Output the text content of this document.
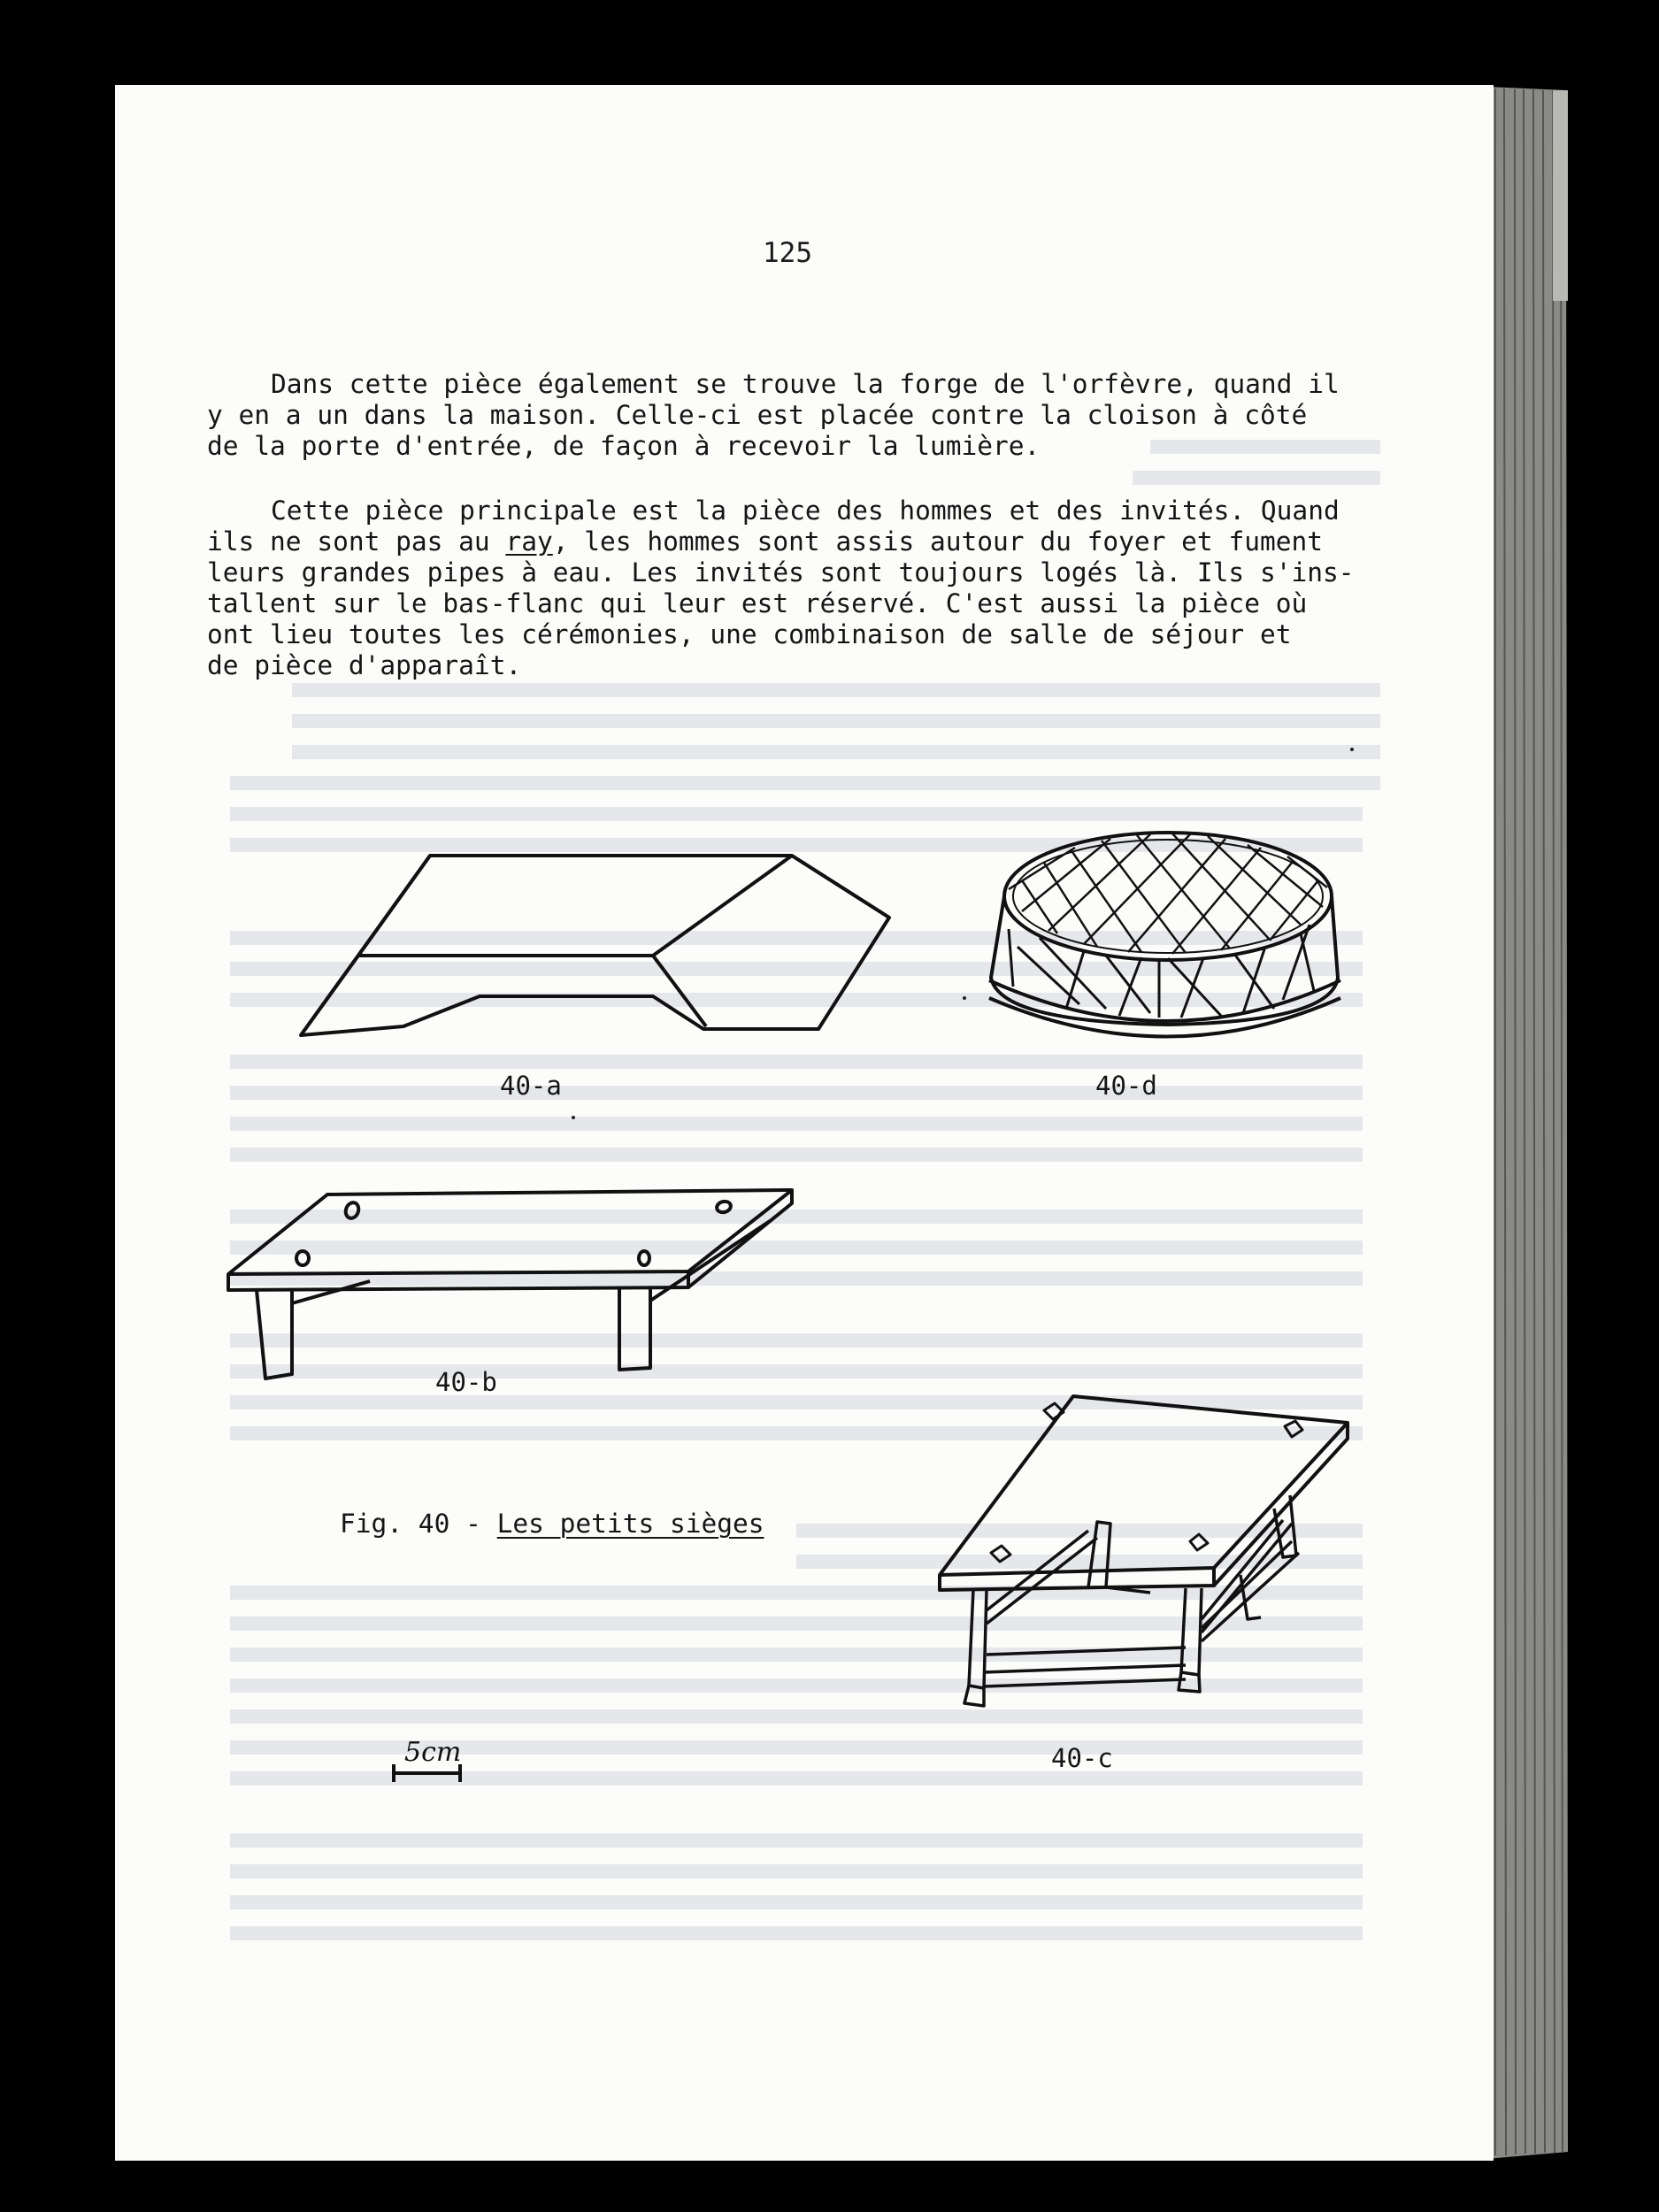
125
Dans cette pièce également se trouve la forge de l'orfèvre, quand il
y en a un dans la maison. Celle-ci est placée contre la cloison à côté
de la porte d'entrée, de façon à recevoir la lumière.
Cette pièce principale est la pièce des hommes et des invités. Quand
ils ne sont pas au ray, les hommes sont assis autour du foyer et fument
leurs grandes pipes à eau. Les invités sont toujours logés là. Ils s'ins-
tallent sur le bas-flanc qui leur est réservé. C'est aussi la pièce où
ont lieu toutes les cérémonies, une combinaison de salle de séjour et
de pièce d'apparaît.
40-a	40-d
40-b
40-c
Fig. 40 - Les petits sièges
5cm
